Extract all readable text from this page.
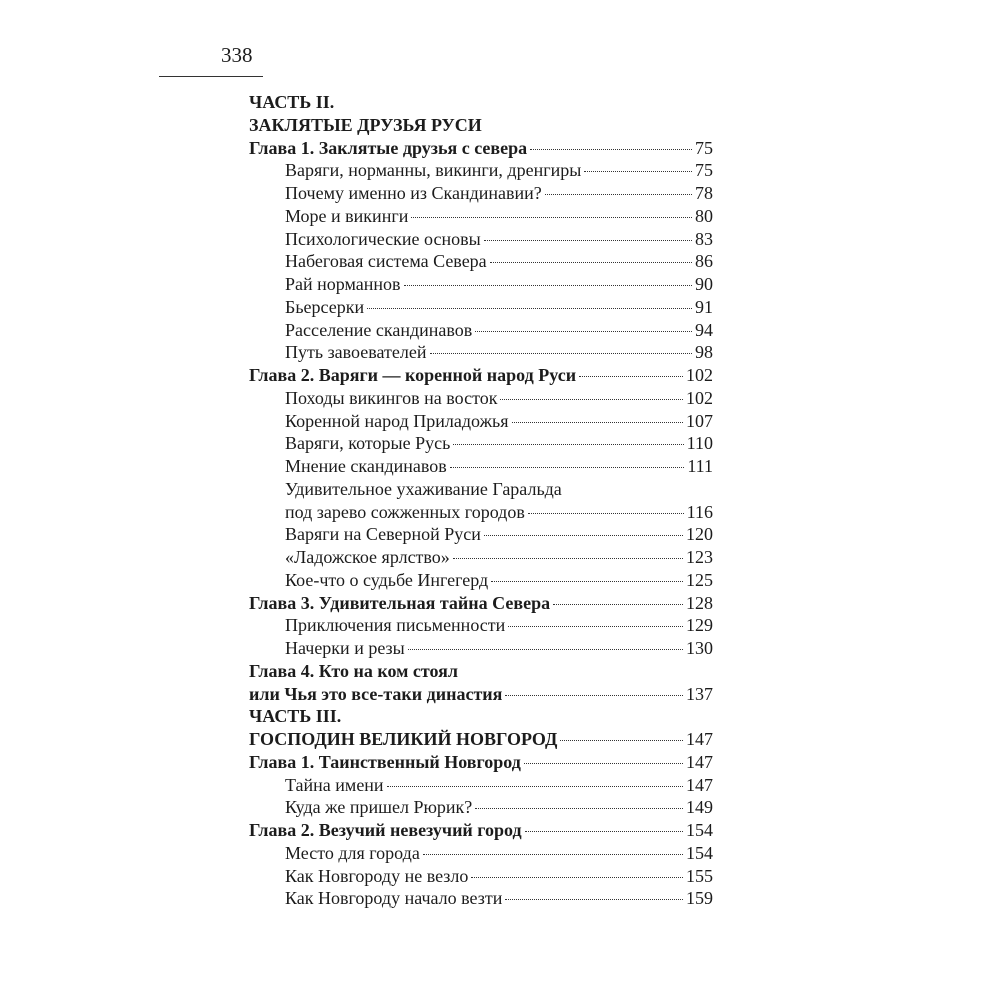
338
ЧАСТЬ II.
ЗАКЛЯТЫЕ ДРУЗЬЯ РУСИ
Глава 1. Заклятые друзья с севера	75
Варяги, норманны, викинги, дренгиры	75
Почему именно из Скандинавии?	78
Море и викинги	80
Психологические основы	83
Набеговая система Севера	86
Рай норманнов	90
Бьерсерки	91
Расселение скандинавов	94
Путь завоевателей	98
Глава 2. Варяги — коренной народ Руси	102
Походы викингов на восток	102
Коренной народ Приладожья	107
Варяги, которые Русь	110
Мнение скандинавов	111
Удивительное ухаживание Гаральда
под зарево сожженных городов	116
Варяги на Северной Руси	120
«Ладожское ярлство»	123
Кое-что о судьбе Ингегерд	125
Глава 3. Удивительная тайна Севера	128
Приключения письменности	129
Начерки и резы	130
Глава 4. Кто на ком стоял
или Чья это все-таки династия	137
ЧАСТЬ III.
ГОСПОДИН ВЕЛИКИЙ НОВГОРОД	147
Глава 1. Таинственный Новгород	147
Тайна имени	147
Куда же пришел Рюрик?	149
Глава 2. Везучий невезучий город	154
Место для города	154
Как Новгороду не везло	155
Как Новгороду начало везти	159
